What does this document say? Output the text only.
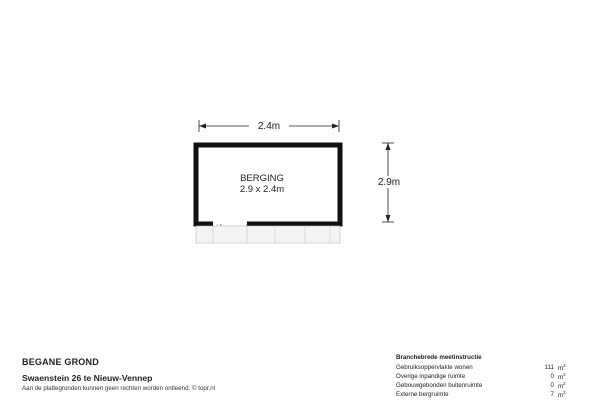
2.4m
2.9m
BERGING
2.9 x 2.4m
BEGANE GROND
Swaenstein 26 te Nieuw-Vennep
Aan de plattegronden kunnen geen rechten worden ontleend. © topr.nl
Branchebrede meetinstructie
Gebruiksoppervlakte wonen	111 $m^2$
Overige inpandige ruimte	0 $m^2$
Gebouwgebonden buitenruimte	0 $m^2$
Externe bergruimte	7 $m^2$
